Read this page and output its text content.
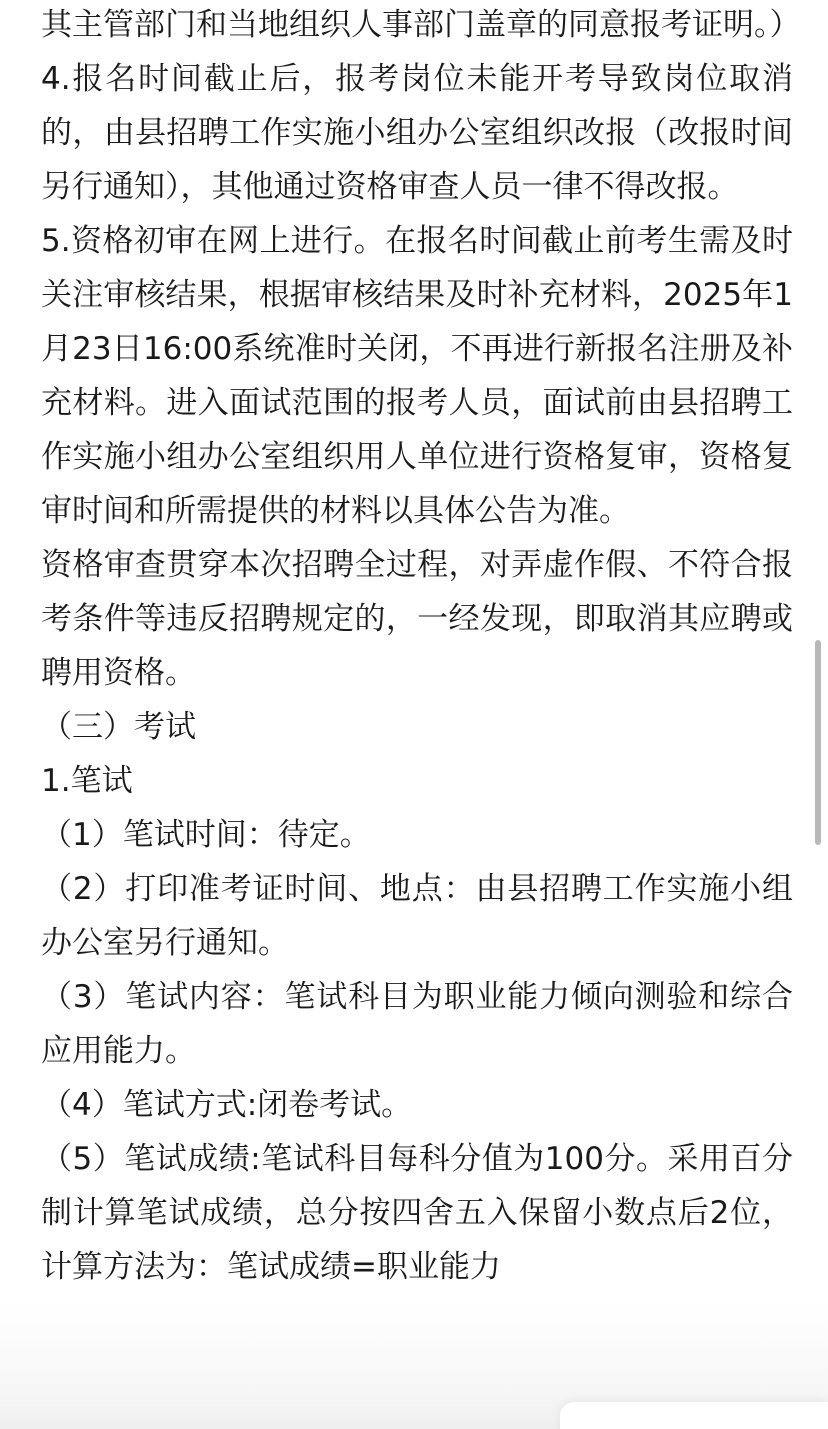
其主管部门和当地组织人事部门盖章的同意报考证明。）

4.报名时间截止后，报考岗位未能开考导致岗位取消的，由县招聘工作实施小组办公室组织改报（改报时间另行通知），其他通过资格审查人员一律不得改报。

5.资格初审在网上进行。在报名时间截止前考生需及时关注审核结果，根据审核结果及时补充材料，2025年1月23日16:00系统准时关闭，不再进行新报名注册及补充材料。进入面试范围的报考人员，面试前由县招聘工作实施小组办公室组织用人单位进行资格复审，资格复审时间和所需提供的材料以具体公告为准。

资格审查贯穿本次招聘全过程，对弄虚作假、不符合报考条件等违反招聘规定的，一经发现，即取消其应聘或聘用资格。

（三）考试

1.笔试

（1）笔试时间：待定。

（2）打印准考证时间、地点：由县招聘工作实施小组办公室另行通知。

（3）笔试内容：笔试科目为职业能力倾向测验和综合应用能力。

（4）笔试方式:闭卷考试。

（5）笔试成绩:笔试科目每科分值为100分。采用百分制计算笔试成绩，总分按四舍五入保留小数点后2位，计算方法为：笔试成绩=职业能力
